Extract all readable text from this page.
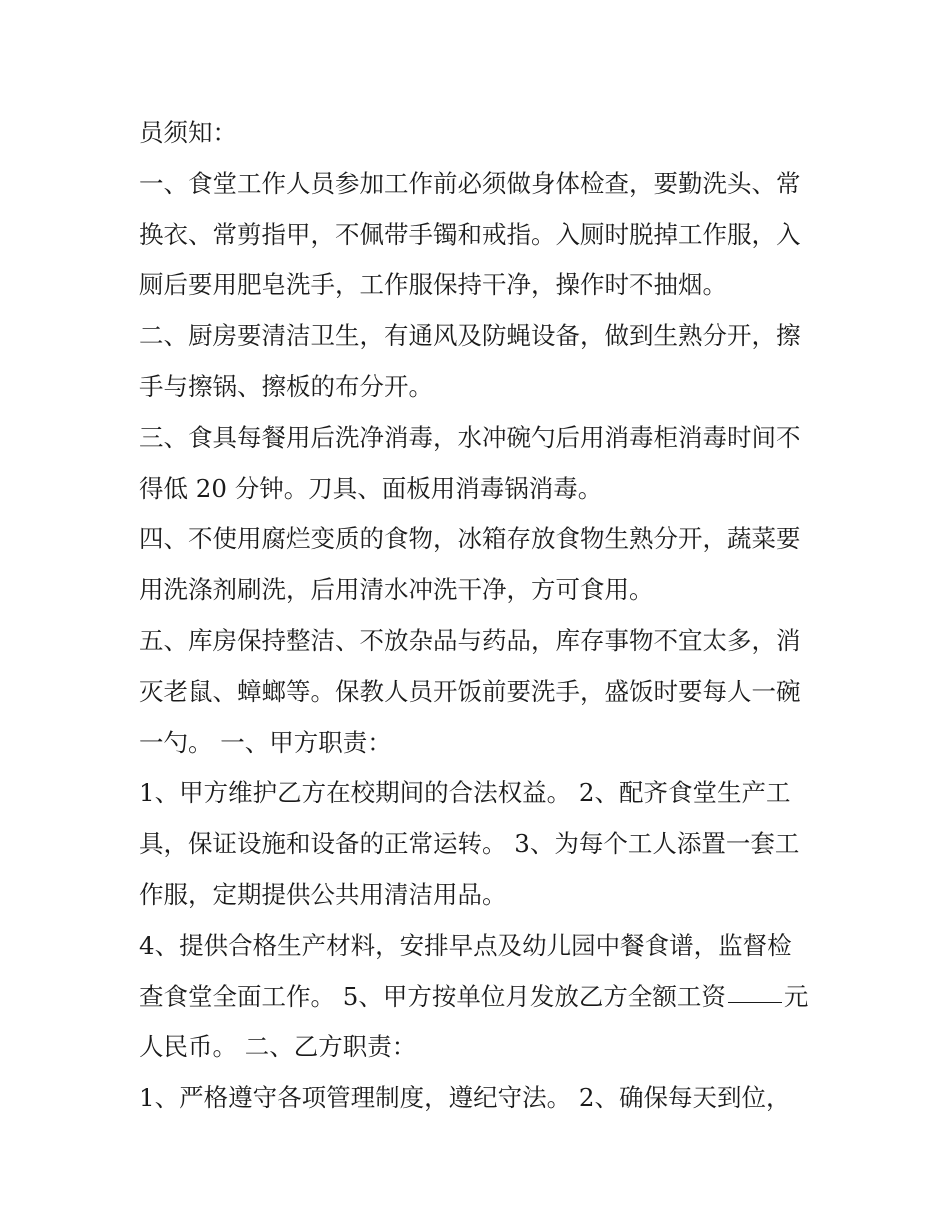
员须知：
一、食堂工作人员参加工作前必须做身体检查，要勤洗头、常
换衣、常剪指甲，不佩带手镯和戒指。入厕时脱掉工作服，入
厕后要用肥皂洗手，工作服保持干净，操作时不抽烟。
二、厨房要清洁卫生，有通风及防蝇设备，做到生熟分开，擦
手与擦锅、擦板的布分开。
三、食具每餐用后洗净消毒，水冲碗勺后用消毒柜消毒时间不
得低 20 分钟。刀具、面板用消毒锅消毒。
四、不使用腐烂变质的食物，冰箱存放食物生熟分开，蔬菜要
用洗涤剂刷洗，后用清水冲洗干净，方可食用。
五、库房保持整洁、不放杂品与药品，库存事物不宜太多，消
灭老鼠、蟑螂等。保教人员开饭前要洗手，盛饭时要每人一碗
一勺。 一、甲方职责：
1、甲方维护乙方在校期间的合法权益。 2、配齐食堂生产工
具，保证设施和设备的正常运转。 3、为每个工人添置一套工
作服，定期提供公共用清洁用品。
4、提供合格生产材料，安排早点及幼儿园中餐食谱，监督检
查食堂全面工作。 5、甲方按单位月发放乙方全额工资 元
人民币。 二、乙方职责：
1、严格遵守各项管理制度，遵纪守法。 2、确保每天到位，
